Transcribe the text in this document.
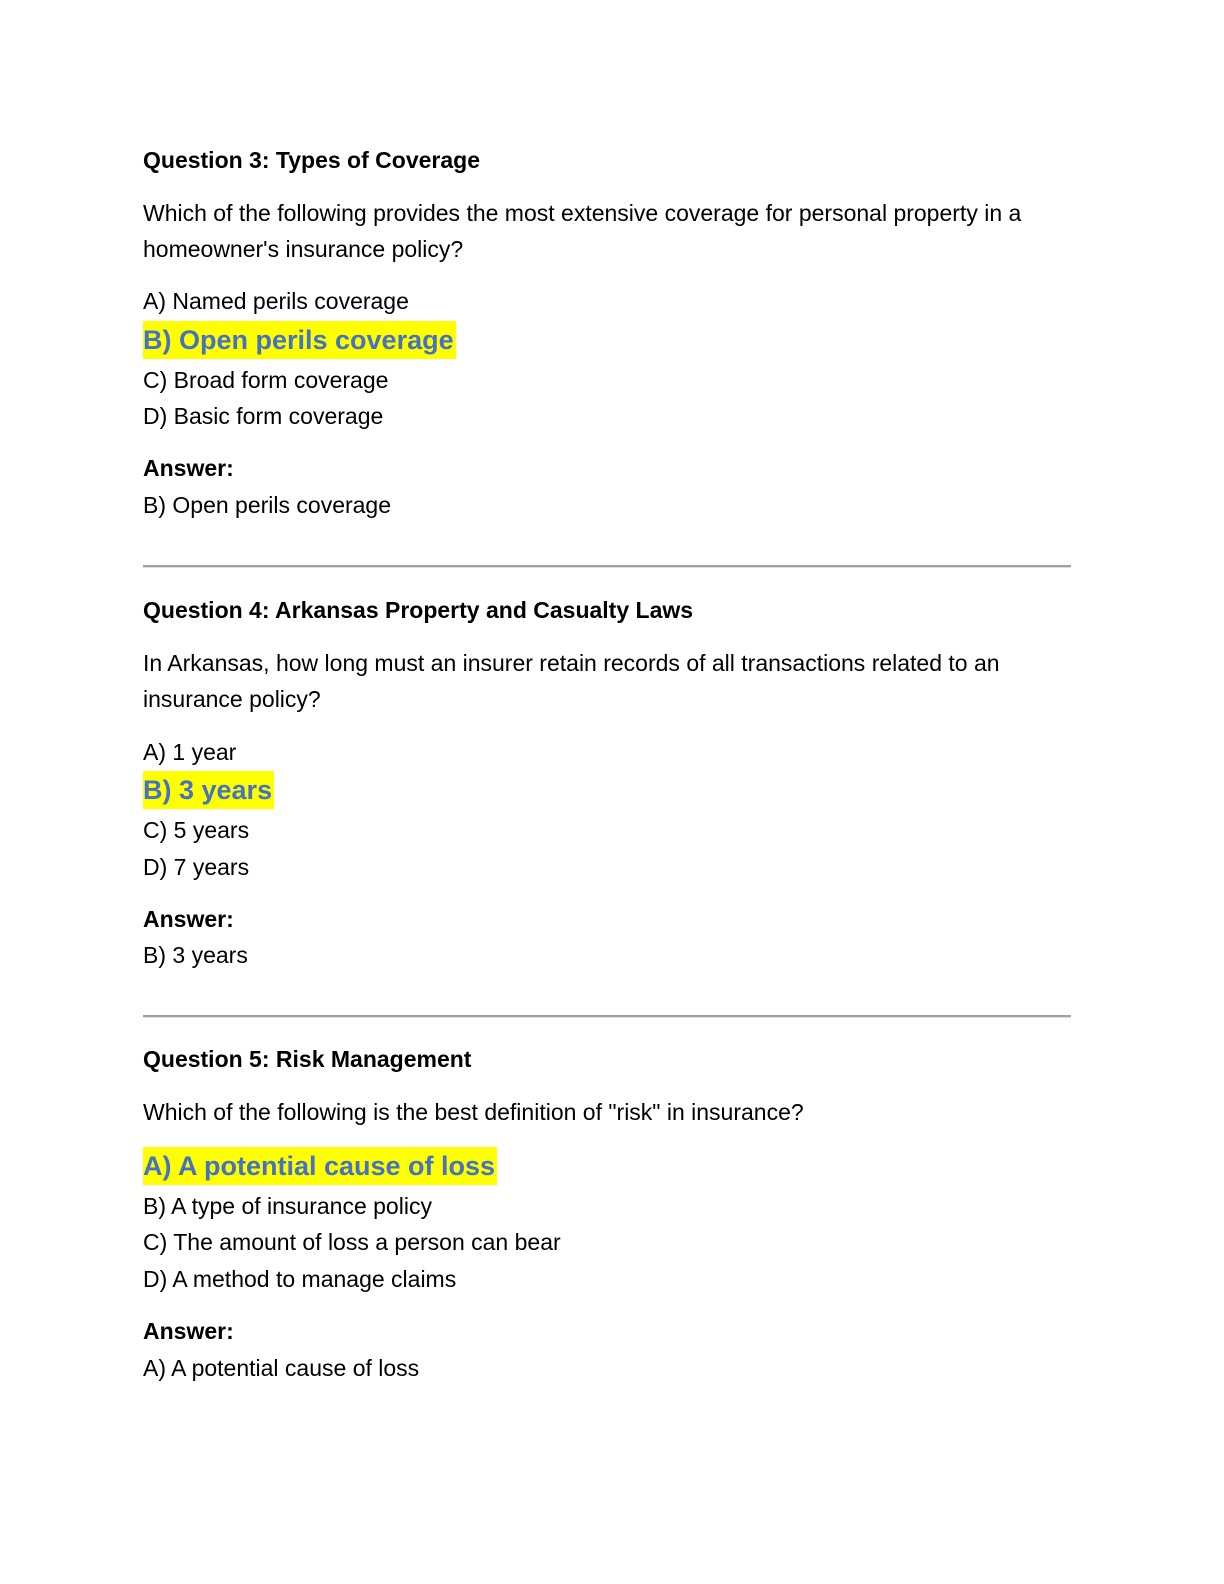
Question 3: Types of Coverage
Which of the following provides the most extensive coverage for personal property in a homeowner's insurance policy?
A) Named perils coverage
B) Open perils coverage
C) Broad form coverage
D) Basic form coverage
Answer:
B) Open perils coverage
Question 4: Arkansas Property and Casualty Laws
In Arkansas, how long must an insurer retain records of all transactions related to an insurance policy?
A) 1 year
B) 3 years
C) 5 years
D) 7 years
Answer:
B) 3 years
Question 5: Risk Management
Which of the following is the best definition of "risk" in insurance?
A) A potential cause of loss
B) A type of insurance policy
C) The amount of loss a person can bear
D) A method to manage claims
Answer:
A) A potential cause of loss
